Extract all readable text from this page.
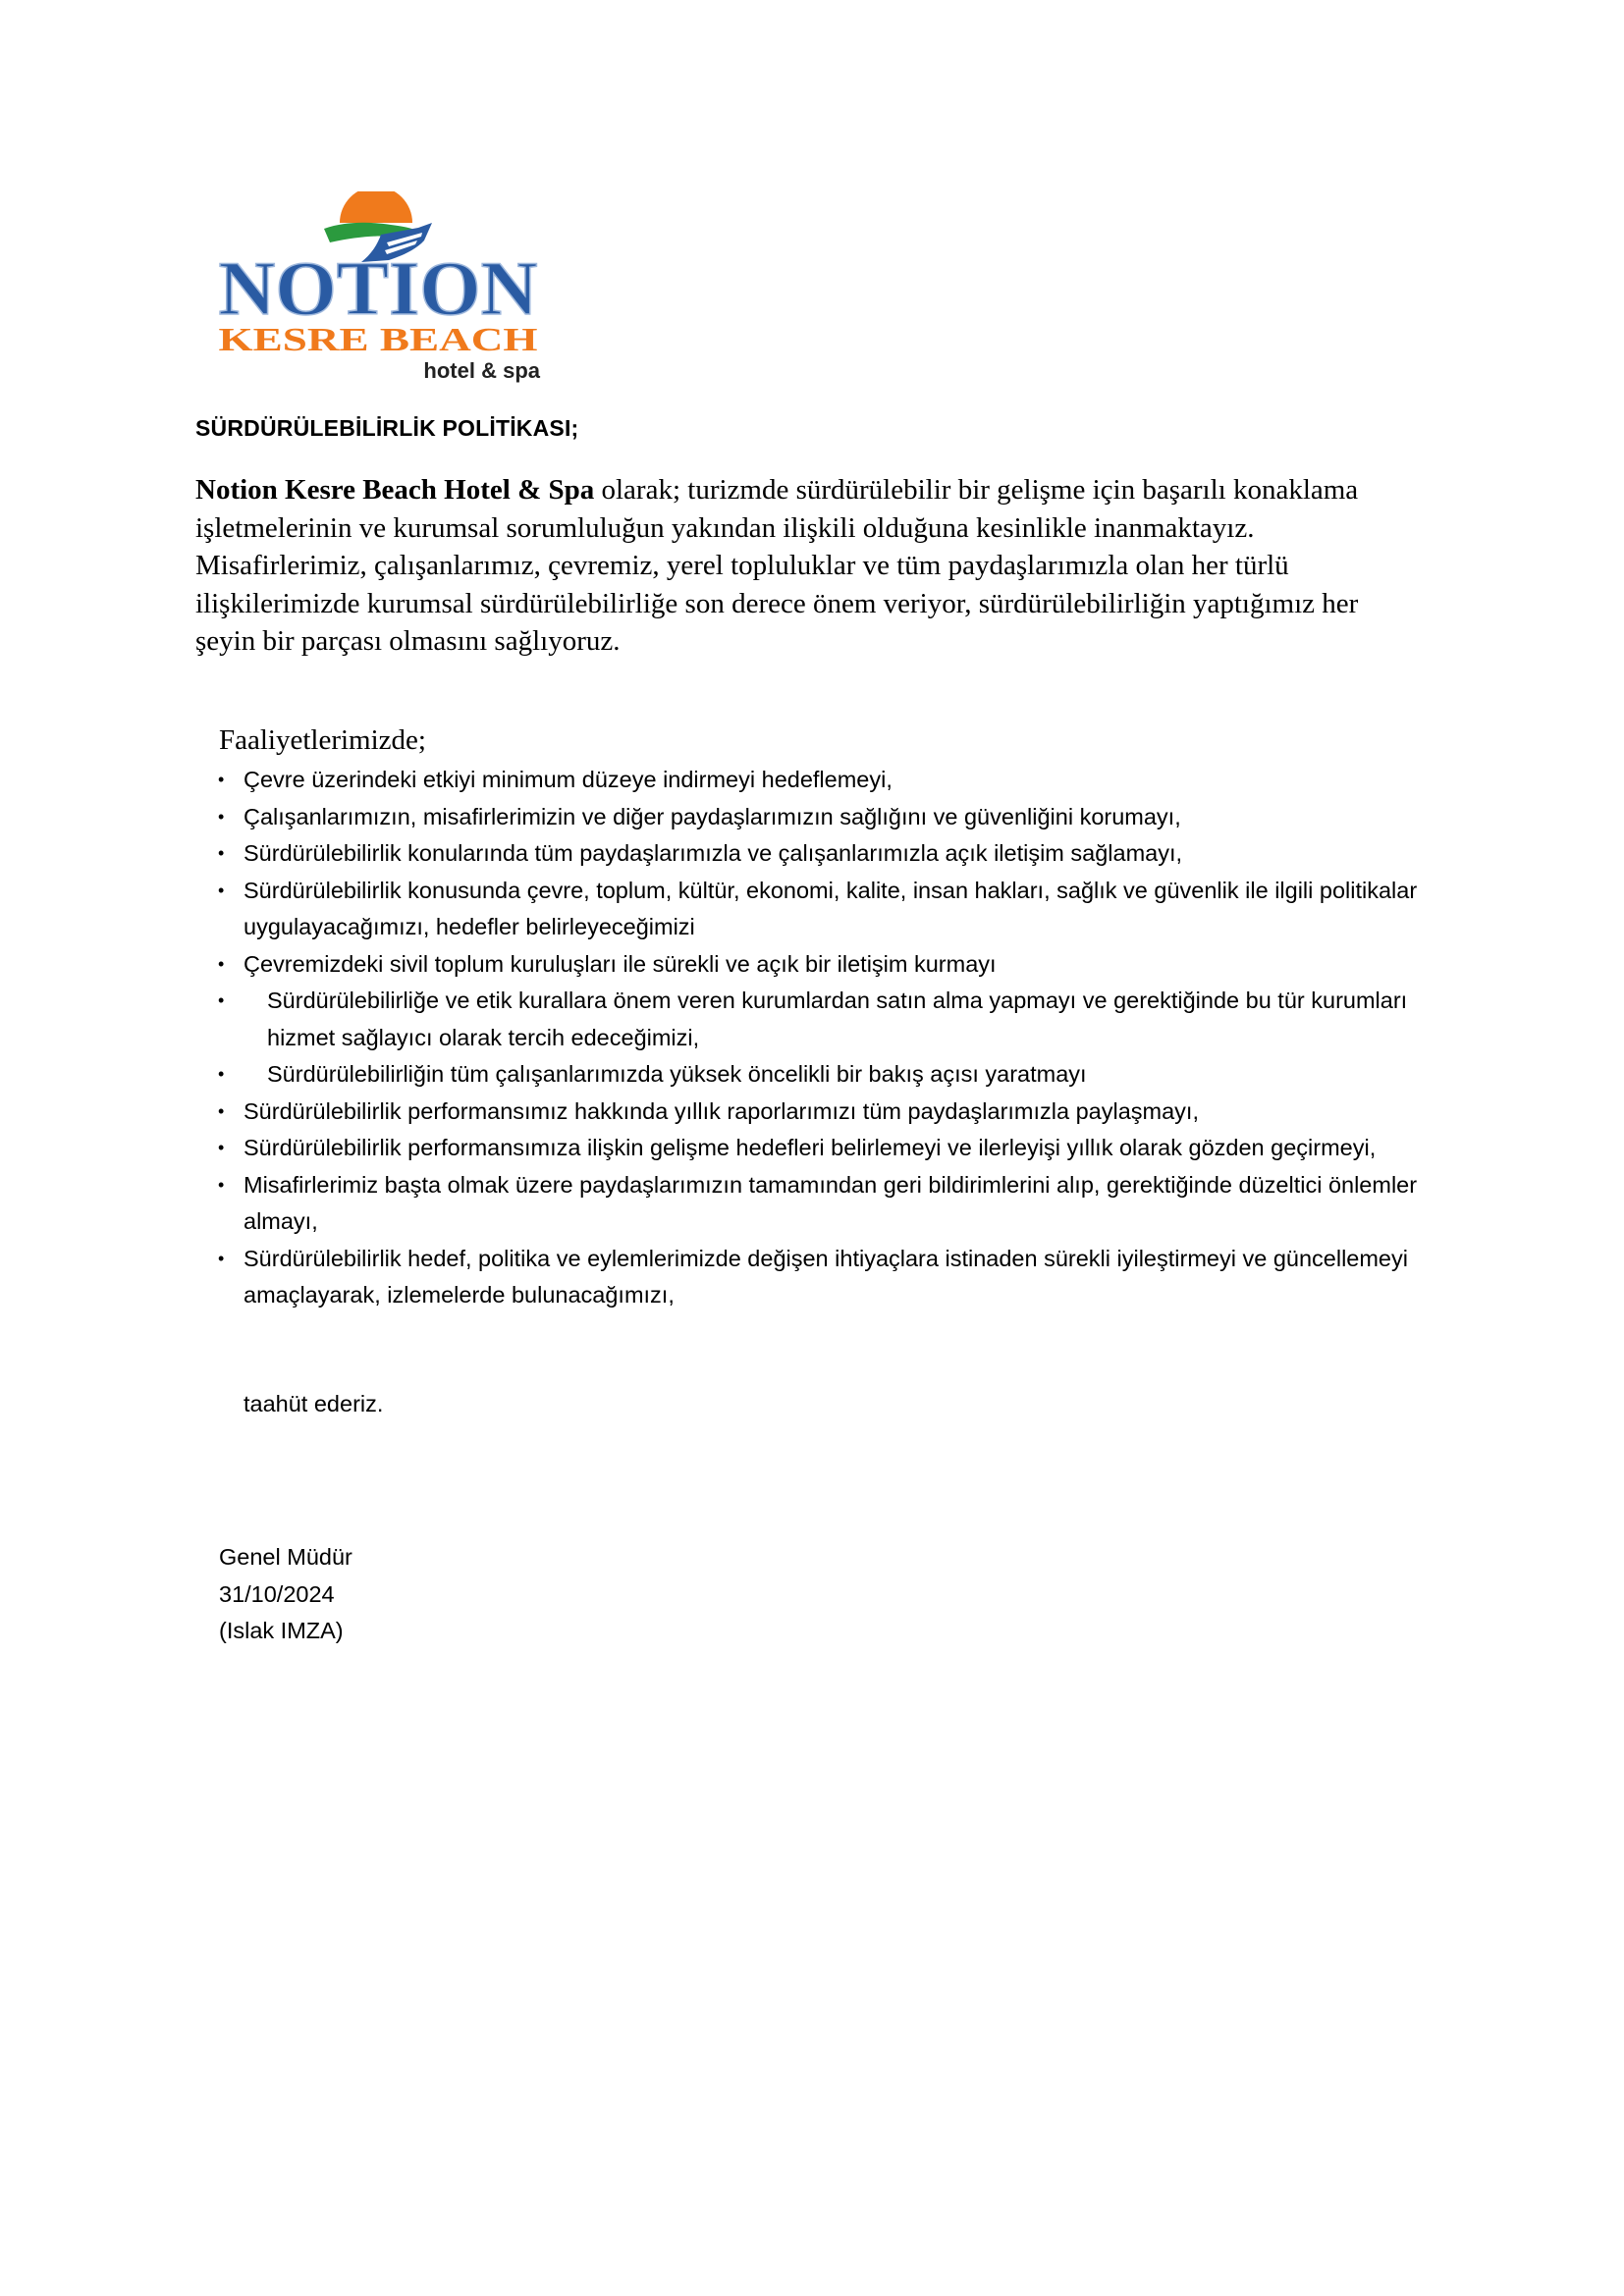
NOTION
KESRE BEACH
hotel & spa
SÜRDÜRÜLEBİLİRLİK POLİTİKASI;
Notion Kesre Beach Hotel & Spa olarak; turizmde sürdürülebilir bir gelişme için başarılı konaklama işletmelerinin ve kurumsal sorumluluğun yakından ilişkili olduğuna kesinlikle inanmaktayız. Misafirlerimiz, çalışanlarımız, çevremiz, yerel topluluklar ve tüm paydaşlarımızla olan her türlü ilişkilerimizde kurumsal sürdürülebilirliğe son derece önem veriyor, sürdürülebilirliğin yaptığımız her şeyin bir parçası olmasını sağlıyoruz.
Faaliyetlerimizde;
• Çevre üzerindeki etkiyi minimum düzeye indirmeyi hedeflemeyi,
• Çalışanlarımızın, misafirlerimizin ve diğer paydaşlarımızın sağlığını ve güvenliğini korumayı,
• Sürdürülebilirlik konularında tüm paydaşlarımızla ve çalışanlarımızla açık iletişim sağlamayı,
• Sürdürülebilirlik konusunda çevre, toplum, kültür, ekonomi, kalite, insan hakları, sağlık ve güvenlik ile ilgili politikalar uygulayacağımızı, hedefler belirleyeceğimizi
• Çevremizdeki sivil toplum kuruluşları ile sürekli ve açık bir iletişim kurmayı
• Sürdürülebilirliğe ve etik kurallara önem veren kurumlardan satın alma yapmayı ve gerektiğinde bu tür kurumları hizmet sağlayıcı olarak tercih edeceğimizi,
• Sürdürülebilirliğin tüm çalışanlarımızda yüksek öncelikli bir bakış açısı yaratmayı
• Sürdürülebilirlik performansımız hakkında yıllık raporlarımızı tüm paydaşlarımızla paylaşmayı,
• Sürdürülebilirlik performansımıza ilişkin gelişme hedefleri belirlemeyi ve ilerleyişi yıllık olarak gözden geçirmeyi,
• Misafirlerimiz başta olmak üzere paydaşlarımızın tamamından geri bildirimlerini alıp, gerektiğinde düzeltici önlemler almayı,
• Sürdürülebilirlik hedef, politika ve eylemlerimizde değişen ihtiyaçlara istinaden sürekli iyileştirmeyi ve güncellemeyi amaçlayarak, izlemelerde bulunacağımızı,
taahüt ederiz.
Genel Müdür
31/10/2024
(Islak IMZA)
